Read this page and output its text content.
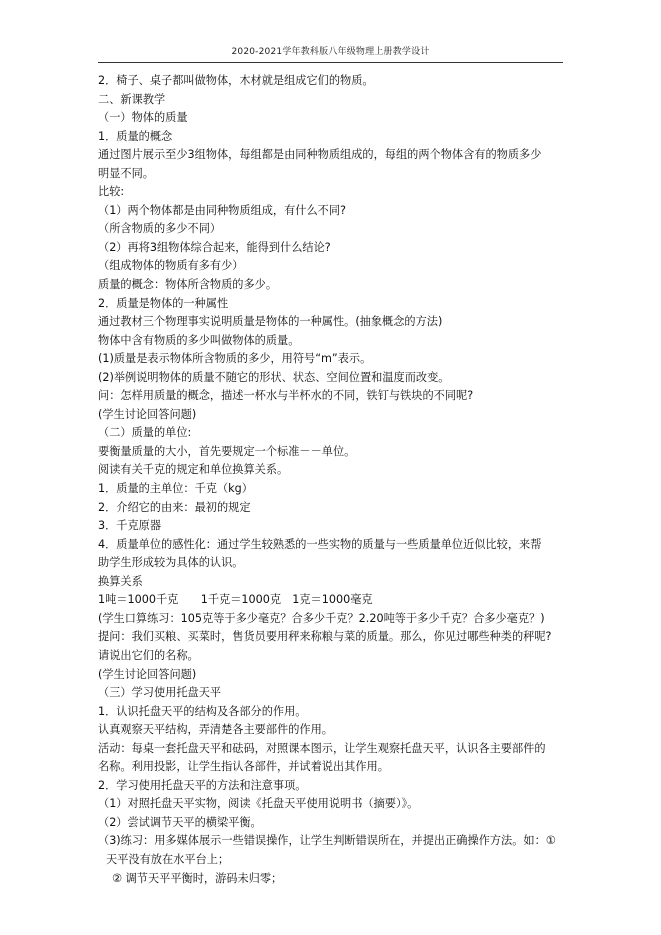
2020-2021学年教科版八年级物理上册教学设计
2．椅子、桌子都叫做物体，木材就是组成它们的物质。
二、新课教学
（一）物体的质量
1．质量的概念
通过图片展示至少3组物体，每组都是由同种物质组成的，每组的两个物体含有的物质多少
明显不同。
比较:
（1）两个物体都是由同种物质组成，有什么不同?
（所含物质的多少不同）
（2）再将3组物体综合起来，能得到什么结论?
（组成物体的物质有多有少）
质量的概念：物体所含物质的多少。
2．质量是物体的一种属性
通过教材三个物理事实说明质量是物体的一种属性。(抽象概念的方法)
物体中含有物质的多少叫做物体的质量。
(1)质量是表示物体所含物质的多少，用符号“m”表示。
(2)举例说明物体的质量不随它的形状、状态、空间位置和温度而改变。
问：怎样用质量的概念，描述一杯水与半杯水的不同，铁钉与铁块的不同呢?
(学生讨论回答问题)
（二）质量的单位:
要衡量质量的大小，首先要规定一个标准－－单位。
阅读有关千克的规定和单位换算关系。
1．质量的主单位：千克（kg）
2．介绍它的由来：最初的规定
3．千克原器
4．质量单位的感性化：通过学生较熟悉的一些实物的质量与一些质量单位近似比较，来帮
助学生形成较为具体的认识。
换算关系
1吨＝1000千克　　1千克＝1000克　1克＝1000毫克
(学生口算练习：105克等于多少毫克？合多少千克？2.20吨等于多少千克？合多少毫克？)
提问：我们买粮、买菜时，售货员要用秤来称粮与菜的质量。那么，你见过哪些种类的秤呢?
请说出它们的名称。
(学生讨论回答问题)
（三）学习使用托盘天平
1．认识托盘天平的结构及各部分的作用。
认真观察天平结构，弄清楚各主要部件的作用。
活动：每桌一套托盘天平和砝码，对照课本图示，让学生观察托盘天平，认识各主要部件的
名称。利用投影，让学生指认各部件，并试着说出其作用。
2．学习使用托盘天平的方法和注意事项。
（1）对照托盘天平实物，阅读《托盘天平使用说明书（摘要）》。
（2）尝试调节天平的横梁平衡。
（3)练习：用多媒体展示一些错误操作，让学生判断错误所在，并提出正确操作方法。如：①
天平没有放在水平台上；
② 调节天平平衡时，游码未归零；
